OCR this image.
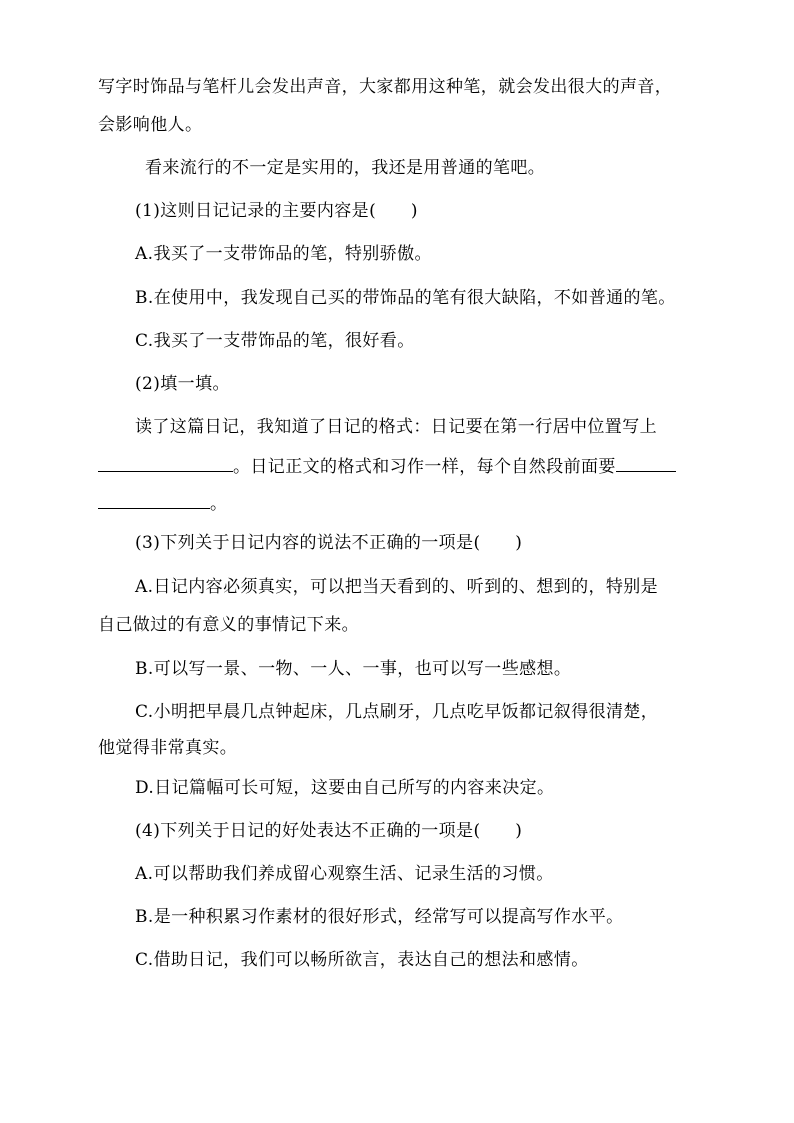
写字时饰品与笔杆儿会发出声音，大家都用这种笔，就会发出很大的声音，
会影响他人。
看来流行的不一定是实用的，我还是用普通的笔吧。
(1)这则日记记录的主要内容是(　　)
A.我买了一支带饰品的笔，特别骄傲。
B.在使用中，我发现自己买的带饰品的笔有很大缺陷，不如普通的笔。
C.我买了一支带饰品的笔，很好看。
(2)填一填。
读了这篇日记，我知道了日记的格式：日记要在第一行居中位置写上
。日记正文的格式和习作一样，每个自然段前面要
。
(3)下列关于日记内容的说法不正确的一项是(　　)
A.日记内容必须真实，可以把当天看到的、听到的、想到的，特别是
自己做过的有意义的事情记下来。
B.可以写一景、一物、一人、一事，也可以写一些感想。
C.小明把早晨几点钟起床，几点刷牙，几点吃早饭都记叙得很清楚，
他觉得非常真实。
D.日记篇幅可长可短，这要由自己所写的内容来决定。
(4)下列关于日记的好处表达不正确的一项是(　　)
A.可以帮助我们养成留心观察生活、记录生活的习惯。
B.是一种积累习作素材的很好形式，经常写可以提高写作水平。
C.借助日记，我们可以畅所欲言，表达自己的想法和感情。
